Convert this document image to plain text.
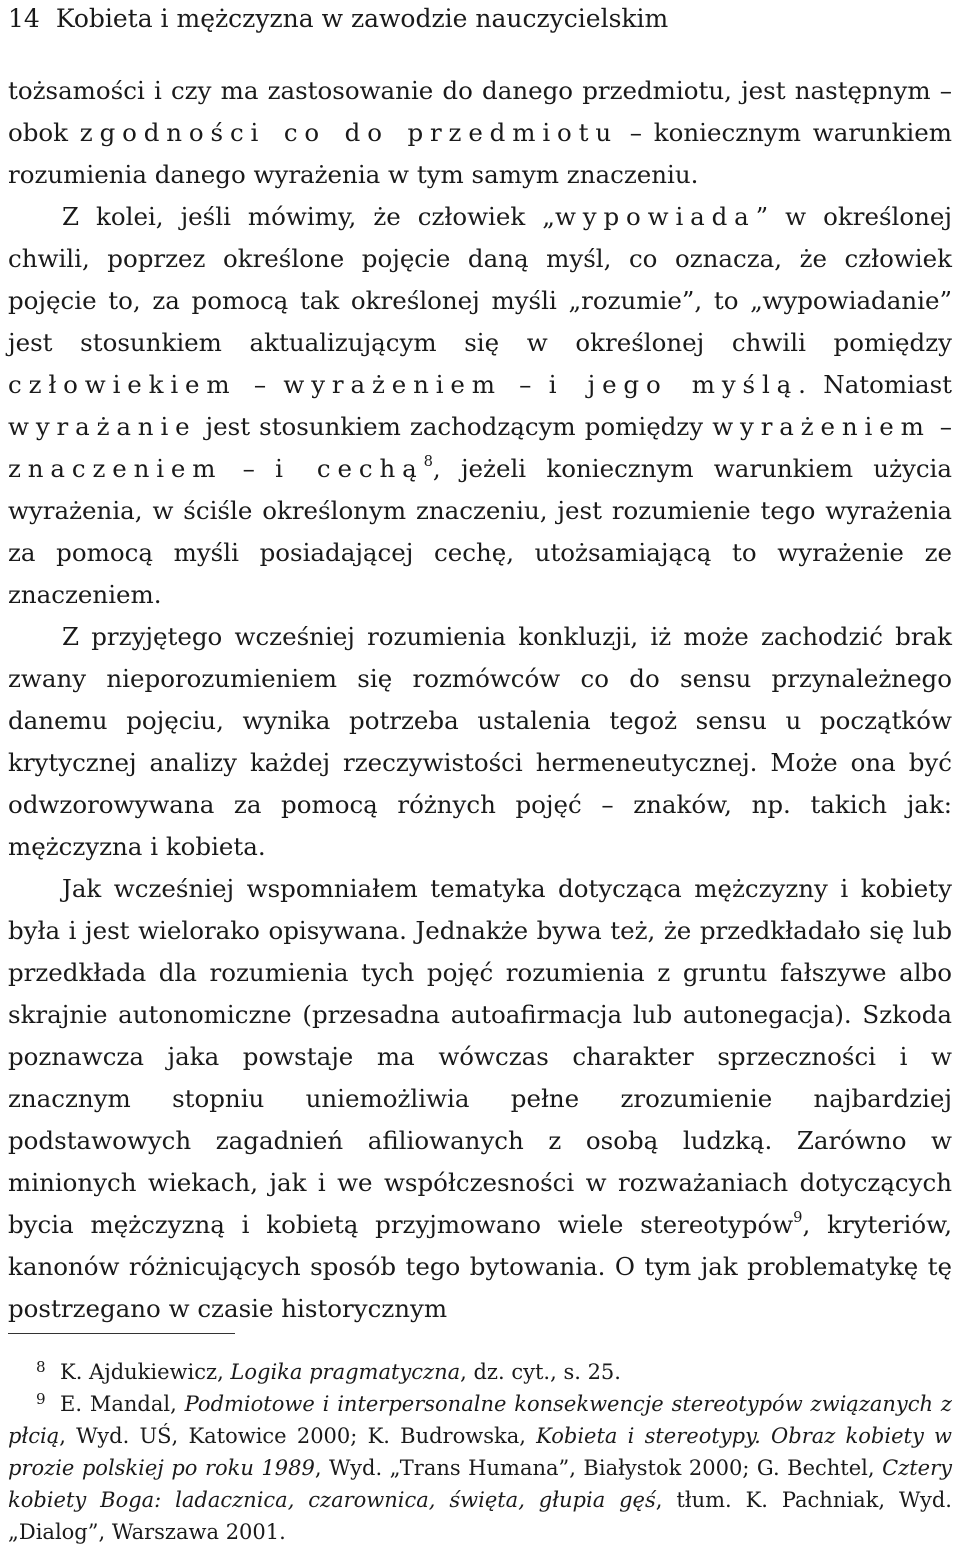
14 Kobieta i mężczyzna w zawodzie nauczycielskim

tożsamości i czy ma zastosowanie do danego przedmiotu, jest następnym – obok zgodności co do przedmiotu – koniecznym warunkiem rozumienia danego wyrażenia w tym samym znaczeniu.

Z kolei, jeśli mówimy, że człowiek „wypowiada” w określonej chwili, poprzez określone pojęcie daną myśl, co oznacza, że człowiek pojęcie to, za pomocą tak określonej myśli „rozumie”, to „wypowiadanie” jest stosunkiem aktualizującym się w określonej chwili pomiędzy człowiekiem – wyrażeniem – i jego myślą. Natomiast wyrażanie jest stosunkiem zachodzącym pomiędzy wyrażeniem – znaczeniem – i cechą$^8$, jeżeli koniecznym warunkiem użycia wyrażenia, w ściśle określonym znaczeniu, jest rozumienie tego wyrażenia za pomocą myśli posiadającej cechę, utożsamiającą to wyrażenie ze znaczeniem.

Z przyjętego wcześniej rozumienia konkluzji, iż może zachodzić brak zwany nieporozumieniem się rozmówców co do sensu przynależnego danemu pojęciu, wynika potrzeba ustalenia tegoż sensu u początków krytycznej analizy każdej rzeczywistości hermeneutycznej. Może ona być odwzorowywana za pomocą różnych pojęć – znaków, np. takich jak: mężczyzna i kobieta.

Jak wcześniej wspomniałem tematyka dotycząca mężczyzny i kobiety była i jest wielorako opisywana. Jednakże bywa też, że przedkładało się lub przedkłada dla rozumienia tych pojęć rozumienia z gruntu fałszywe albo skrajnie autonomiczne (przesadna autoafirmacja lub autonegacja). Szkoda poznawcza jaka powstaje ma wówczas charakter sprzeczności i w znacznym stopniu uniemożliwia pełne zrozumienie najbardziej podstawowych zagadnień afiliowanych z osobą ludzką. Zarówno w minionych wiekach, jak i we współczesności w rozważaniach dotyczących bycia mężczyzną i kobietą przyjmowano wiele stereotypów$^9$, kryteriów, kanonów różnicujących sposób tego bytowania. O tym jak problematykę tę postrzegano w czasie historycznym

8 K. Ajdukiewicz, Logika pragmatyczna, dz. cyt., s. 25.

9 E. Mandal, Podmiotowe i interpersonalne konsekwencje stereotypów związanych z płcią, Wyd. UŚ, Katowice 2000; K. Budrowska, Kobieta i stereotypy. Obraz kobiety w prozie polskiej po roku 1989, Wyd. „Trans Humana”, Białystok 2000; G. Bechtel, Cztery kobiety Boga: ladacznica, czarownica, święta, głupia gęś, tłum. K. Pachniak, Wyd. „Dialog”, Warszawa 2001.
